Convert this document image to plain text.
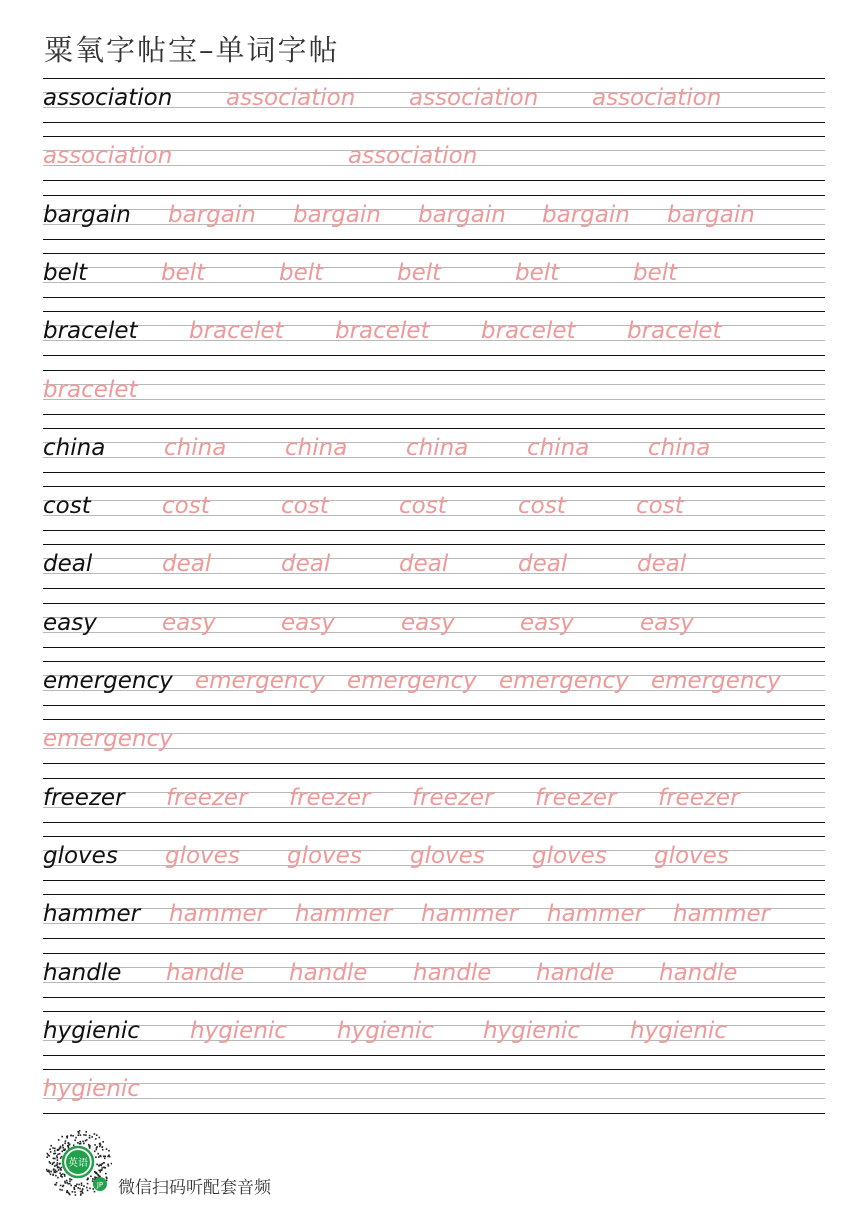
粟氧字帖宝–单词字帖
association association association association
association	association
bargain bargain bargain bargain bargain bargain
belt	belt	belt	belt	belt	belt
bracelet bracelet bracelet bracelet bracelet
bracelet
china	china	china	china	china	china
cost	cost	cost	cost	cost	cost
deal	deal	deal	deal	deal	deal
easy	easy	easy	easy	easy	easy
emergency emergency emergency emergency emergency
emergency
freezer freezer freezer freezer freezer freezer
gloves gloves gloves gloves gloves gloves
hammer hammer hammer hammer hammer hammer
handle handle handle handle handle handle
hygienic hygienic hygienic hygienic hygienic
hygienic
英语
JP 微信扫码听配套音频
